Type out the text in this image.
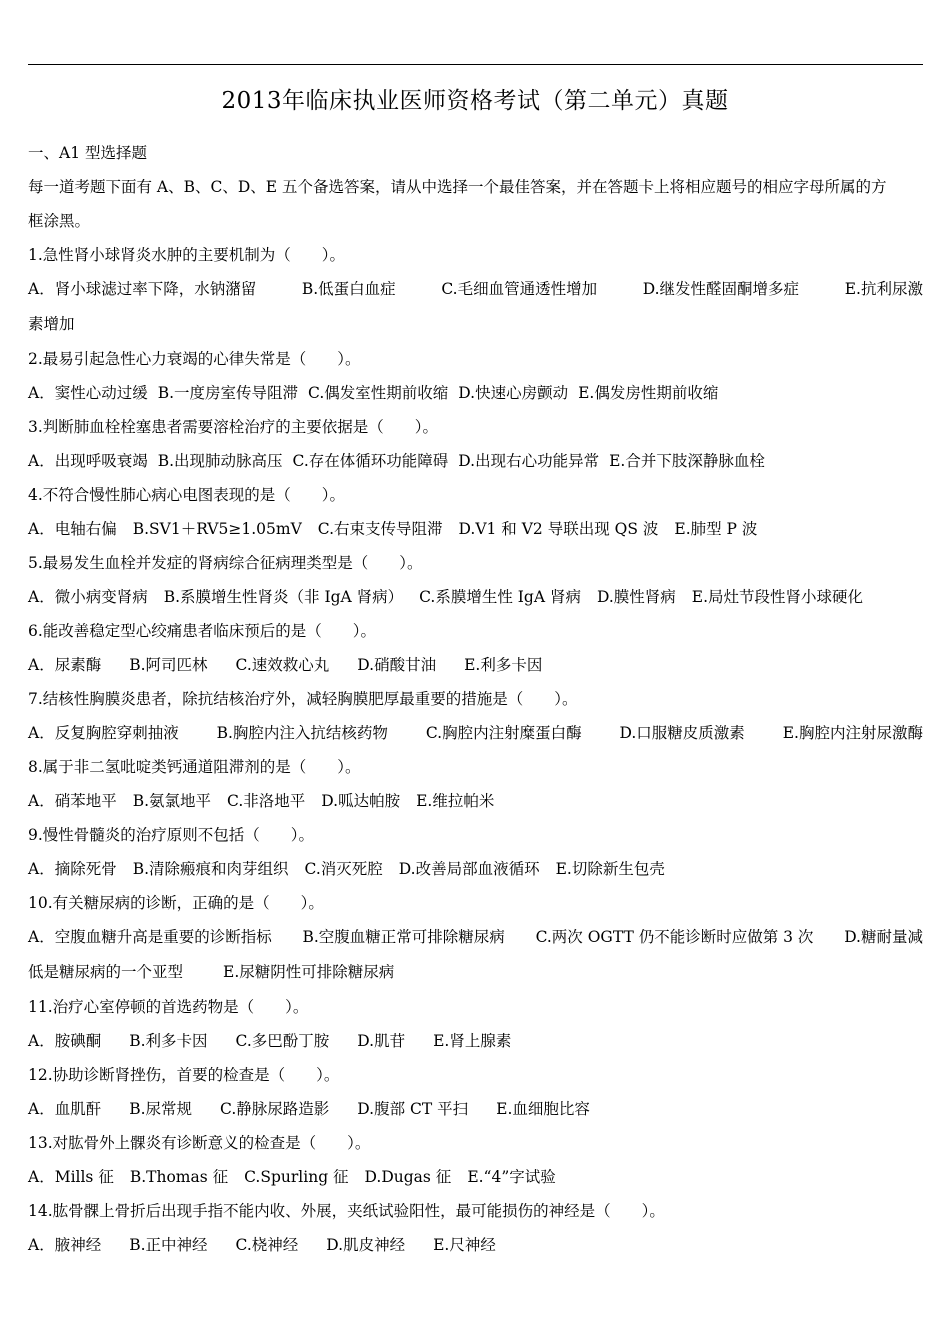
2013年临床执业医师资格考试（第二单元）真题

一、A1 型选择题

每一道考题下面有 A、B、C、D、E 五个备选答案，请从中选择一个最佳答案，并在答题卡上将相应题号的相应字母所属的方

框涂黑。

1.急性肾小球肾炎水肿的主要机制为（　　）。

A．肾小球滤过率下降，水钠潴留	B.低蛋白血症	C.毛细血管通透性增加	D.继发性醛固酮增多症	E.抗利尿激
素增加

2.最易引起急性心力衰竭的心律失常是（　　）。

A．窦性心动过缓 B.一度房室传导阻滞 C.偶发室性期前收缩 D.快速心房颤动 E.偶发房性期前收缩

3.判断肺血栓栓塞患者需要溶栓治疗的主要依据是（　　）。

A．出现呼吸衰竭 B.出现肺动脉高压 C.存在体循环功能障碍 D.出现右心功能异常 E.合并下肢深静脉血栓

4.不符合慢性肺心病心电图表现的是（　　）。

A．电轴右偏 B.SV1＋RV5≥1.05mV C.右束支传导阻滞 D.V1 和 V2 导联出现 QS 波 E.肺型 P 波

5.最易发生血栓并发症的肾病综合征病理类型是（　　）。

A．微小病变肾病 B.系膜增生性肾炎（非 IgA 肾病） C.系膜增生性 IgA 肾病 D.膜性肾病 E.局灶节段性肾小球硬化

6.能改善稳定型心绞痛患者临床预后的是（　　）。

A．尿素酶 B.阿司匹林 C.速效救心丸 D.硝酸甘油 E.利多卡因

7.结核性胸膜炎患者，除抗结核治疗外，减轻胸膜肥厚最重要的措施是（　　）。

A．反复胸腔穿刺抽液 B.胸腔内注入抗结核药物 C.胸腔内注射糜蛋白酶 D.口服糖皮质激素 E.胸腔内注射尿激酶

8.属于非二氢吡啶类钙通道阻滞剂的是（　　）。

A．硝苯地平 B.氨氯地平 C.非洛地平 D.呱达帕胺 E.维拉帕米

9.慢性骨髓炎的治疗原则不包括（　　）。

A．摘除死骨 B.清除瘢痕和肉芽组织 C.消灭死腔 D.改善局部血液循环 E.切除新生包壳

10.有关糖尿病的诊断，正确的是（　　）。

A．空腹血糖升高是重要的诊断指标 B.空腹血糖正常可排除糖尿病 C.两次 OGTT 仍不能诊断时应做第 3 次 D.糖耐量减
低是糖尿病的一个亚型	E.尿糖阴性可排除糖尿病

11.治疗心室停顿的首选药物是（　　）。

A．胺碘酮 B.利多卡因 C.多巴酚丁胺 D.肌苷 E.肾上腺素

12.协助诊断肾挫伤，首要的检查是（　　）。

A．血肌酐 B.尿常规 C.静脉尿路造影 D.腹部 CT 平扫 E.血细胞比容

13.对肱骨外上髁炎有诊断意义的检查是（　　）。

A．Mills 征 B.Thomas 征 C.Spurling 征 D.Dugas 征 E.“4”字试验

14.肱骨髁上骨折后出现手指不能内收、外展，夹纸试验阳性，最可能损伤的神经是（　　）。

A．腋神经 B.正中神经 C.桡神经 D.肌皮神经 E.尺神经
